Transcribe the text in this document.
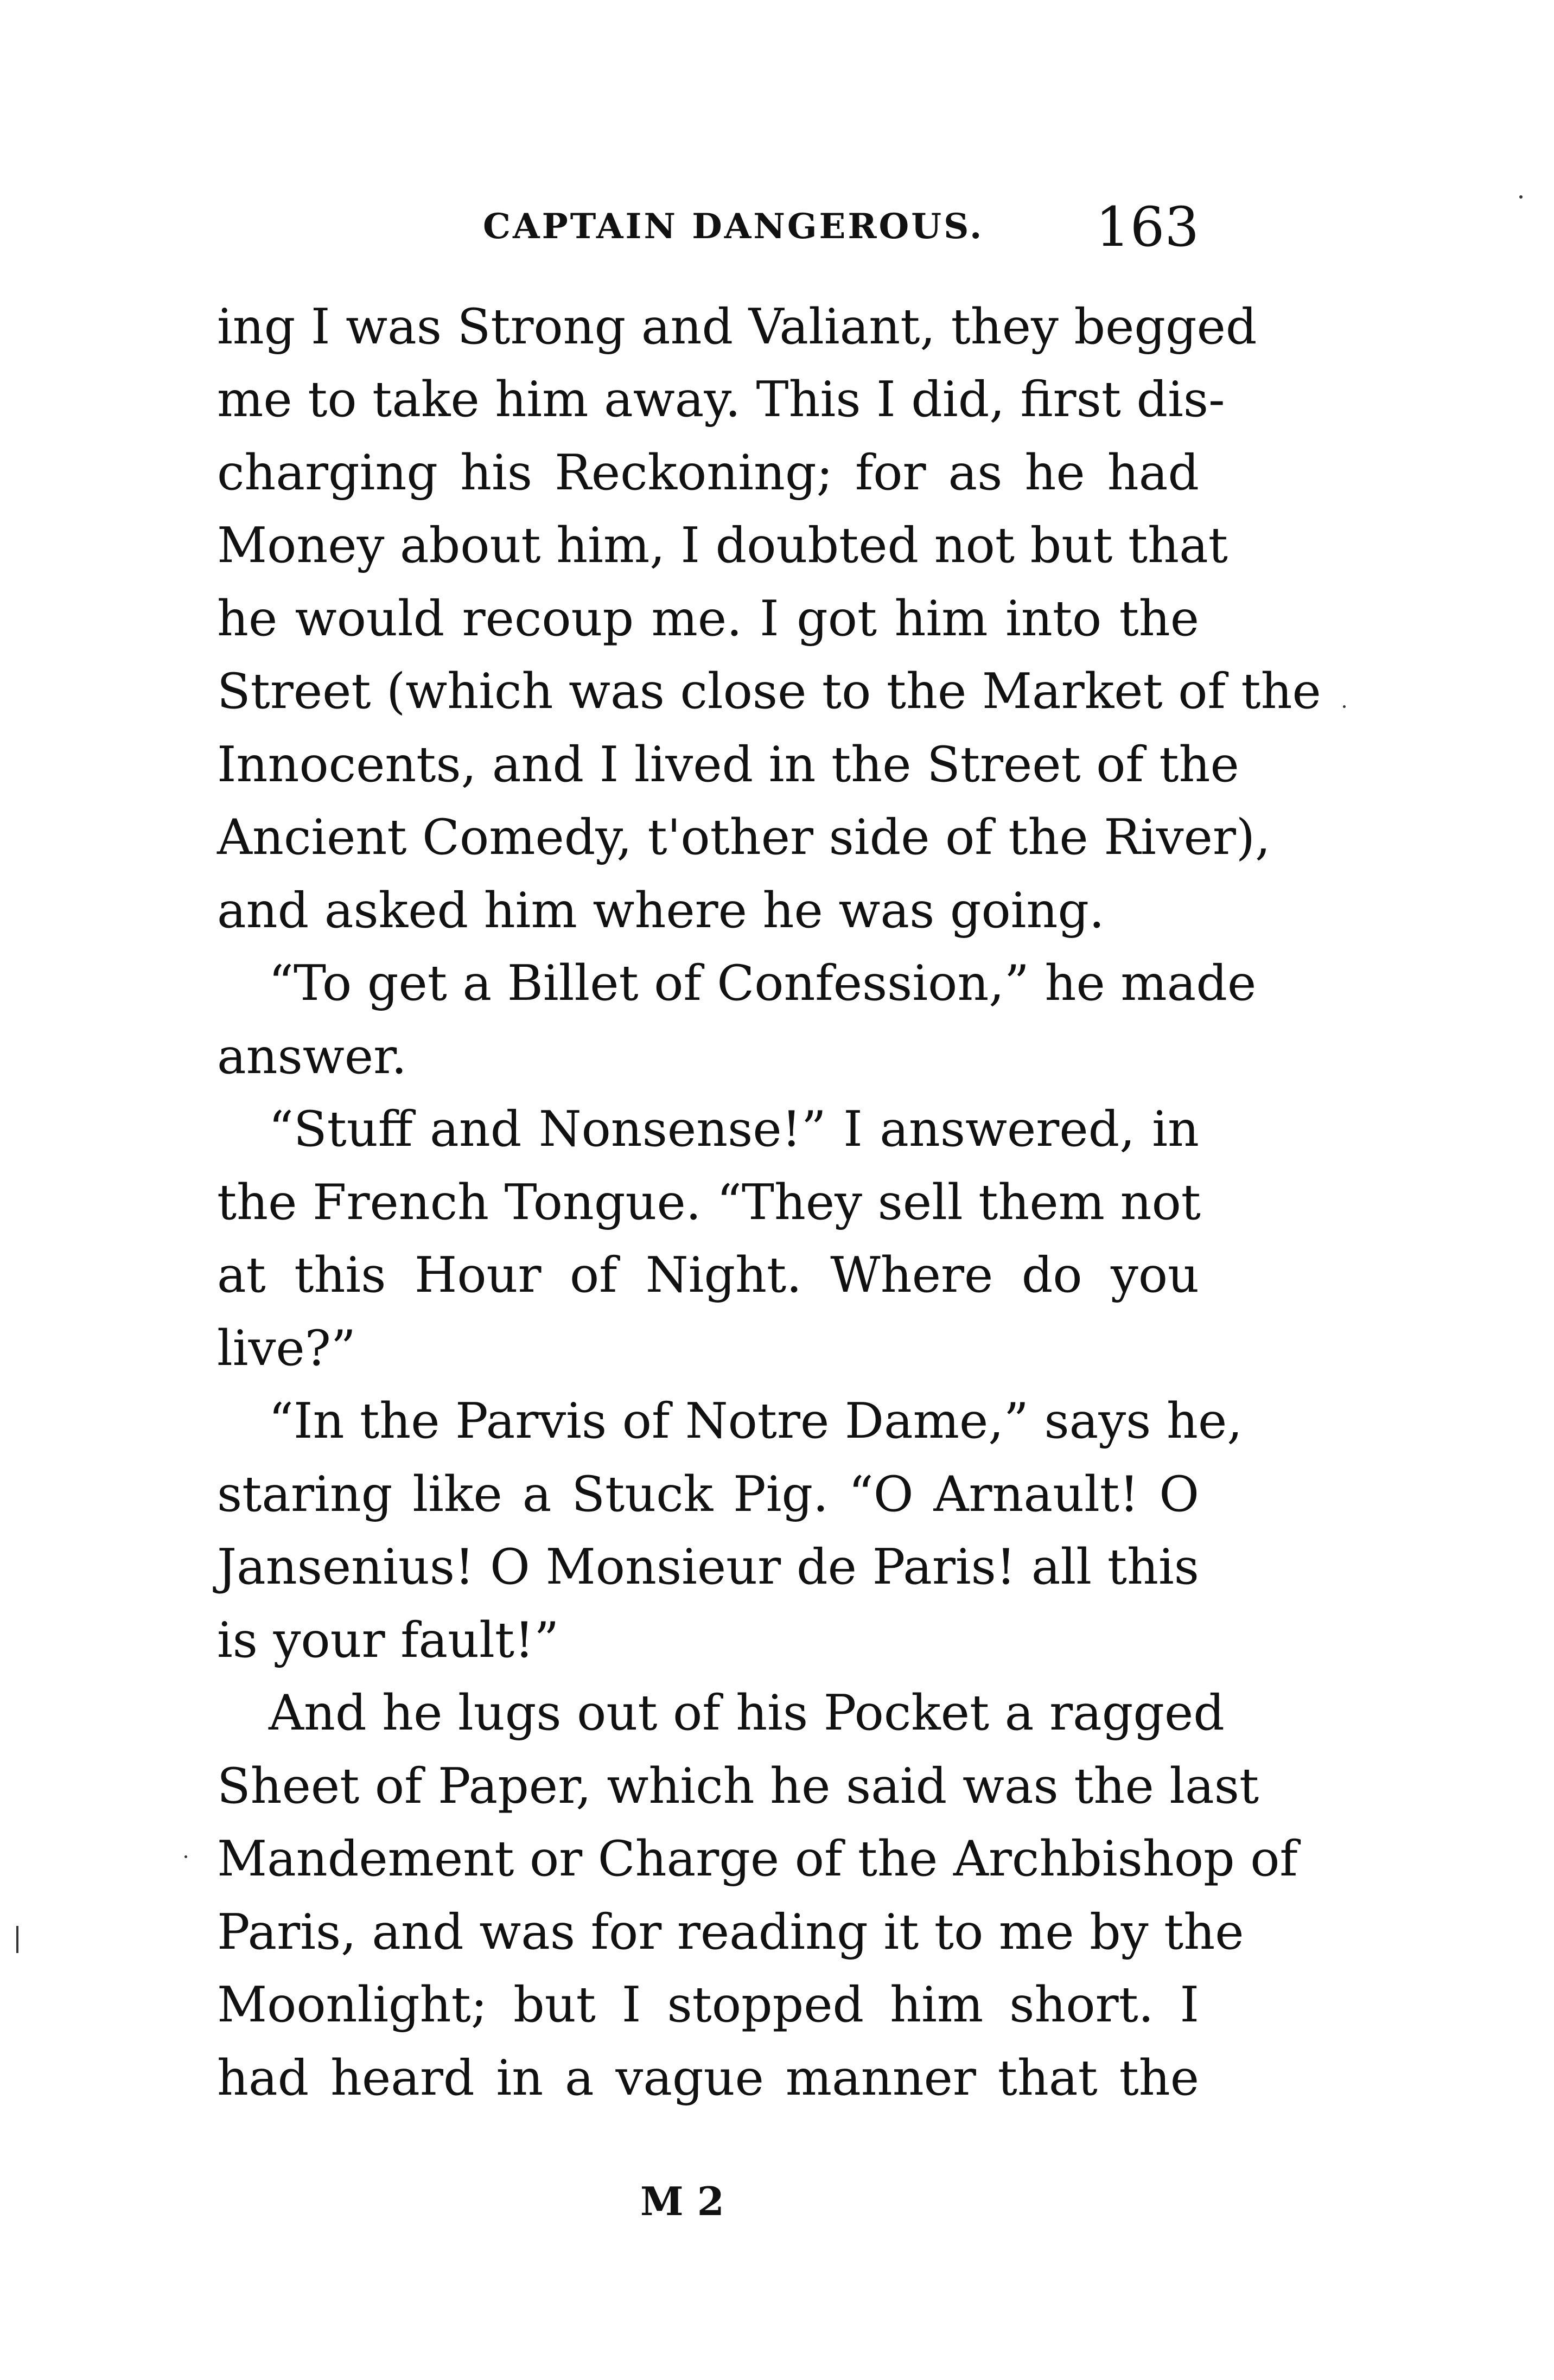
CAPTAIN DANGEROUS. 163
ing I was Strong and Valiant, they begged
me to take him away. This I did, first dis-
charging his Reckoning; for as he had
Money about him, I doubted not but that
he would recoup me. I got him into the
Street (which was close to the Market of the
Innocents, and I lived in the Street of the
Ancient Comedy, t'other side of the River),
and asked him where he was going.
“To get a Billet of Confession,” he made
answer.
“Stuff and Nonsense!” I answered, in
the French Tongue. “They sell them not
at this Hour of Night. Where do you
live?”
“In the Parvis of Notre Dame,” says he,
staring like a Stuck Pig. “O Arnault! O
Jansenius! O Monsieur de Paris! all this
is your fault!”
And he lugs out of his Pocket a ragged
Sheet of Paper, which he said was the last
Mandement or Charge of the Archbishop of
Paris, and was for reading it to me by the
Moonlight; but I stopped him short. I
had heard in a vague manner that the
M 2
